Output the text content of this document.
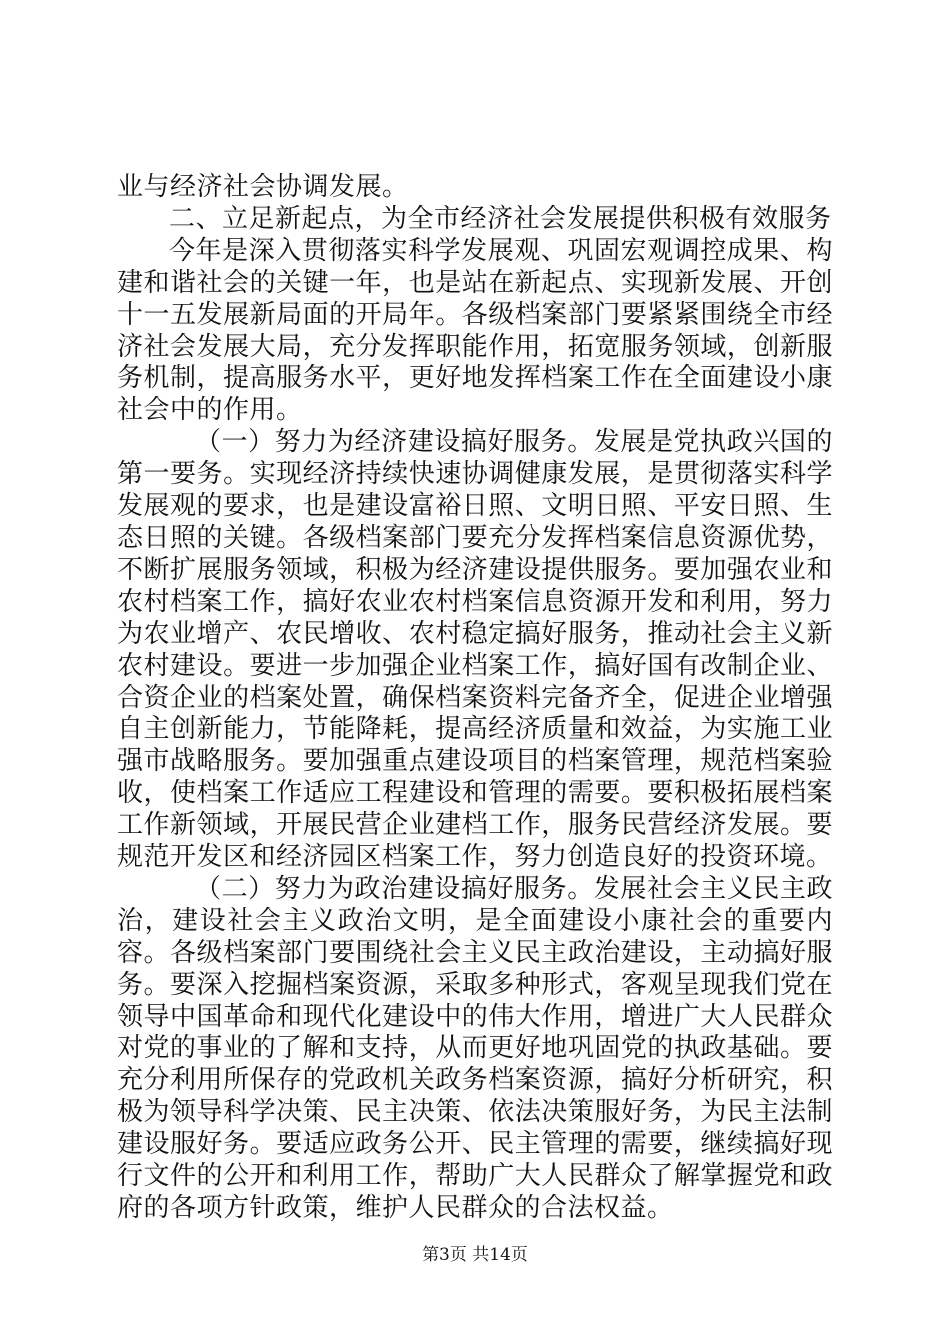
业与经济社会协调发展。

二、立足新起点，为全市经济社会发展提供积极有效服务

今年是深入贯彻落实科学发展观、巩固宏观调控成果、构建和谐社会的关键一年，也是站在新起点、实现新发展、开创十一五发展新局面的开局年。各级档案部门要紧紧围绕全市经济社会发展大局，充分发挥职能作用，拓宽服务领域，创新服务机制，提高服务水平，更好地发挥档案工作在全面建设小康社会中的作用。

（一）努力为经济建设搞好服务。发展是党执政兴国的第一要务。实现经济持续快速协调健康发展，是贯彻落实科学发展观的要求，也是建设富裕日照、文明日照、平安日照、生态日照的关键。各级档案部门要充分发挥档案信息资源优势，不断扩展服务领域，积极为经济建设提供服务。要加强农业和农村档案工作，搞好农业农村档案信息资源开发和利用，努力为农业增产、农民增收、农村稳定搞好服务，推动社会主义新农村建设。要进一步加强企业档案工作，搞好国有改制企业、合资企业的档案处置，确保档案资料完备齐全，促进企业增强自主创新能力，节能降耗，提高经济质量和效益，为实施工业强市战略服务。要加强重点建设项目的档案管理，规范档案验收，使档案工作适应工程建设和管理的需要。要积极拓展档案工作新领域，开展民营企业建档工作，服务民营经济发展。要规范开发区和经济园区档案工作，努力创造良好的投资环境。

（二）努力为政治建设搞好服务。发展社会主义民主政治，建设社会主义政治文明，是全面建设小康社会的重要内容。各级档案部门要围绕社会主义民主政治建设，主动搞好服务。要深入挖掘档案资源，采取多种形式，客观呈现我们党在领导中国革命和现代化建设中的伟大作用，增进广大人民群众对党的事业的了解和支持，从而更好地巩固党的执政基础。要充分利用所保存的党政机关政务档案资源，搞好分析研究，积极为领导科学决策、民主决策、依法决策服好务，为民主法制建设服好务。要适应政务公开、民主管理的需要，继续搞好现行文件的公开和利用工作，帮助广大人民群众了解掌握党和政府的各项方针政策，维护人民群众的合法权益。

第3页 共14页
